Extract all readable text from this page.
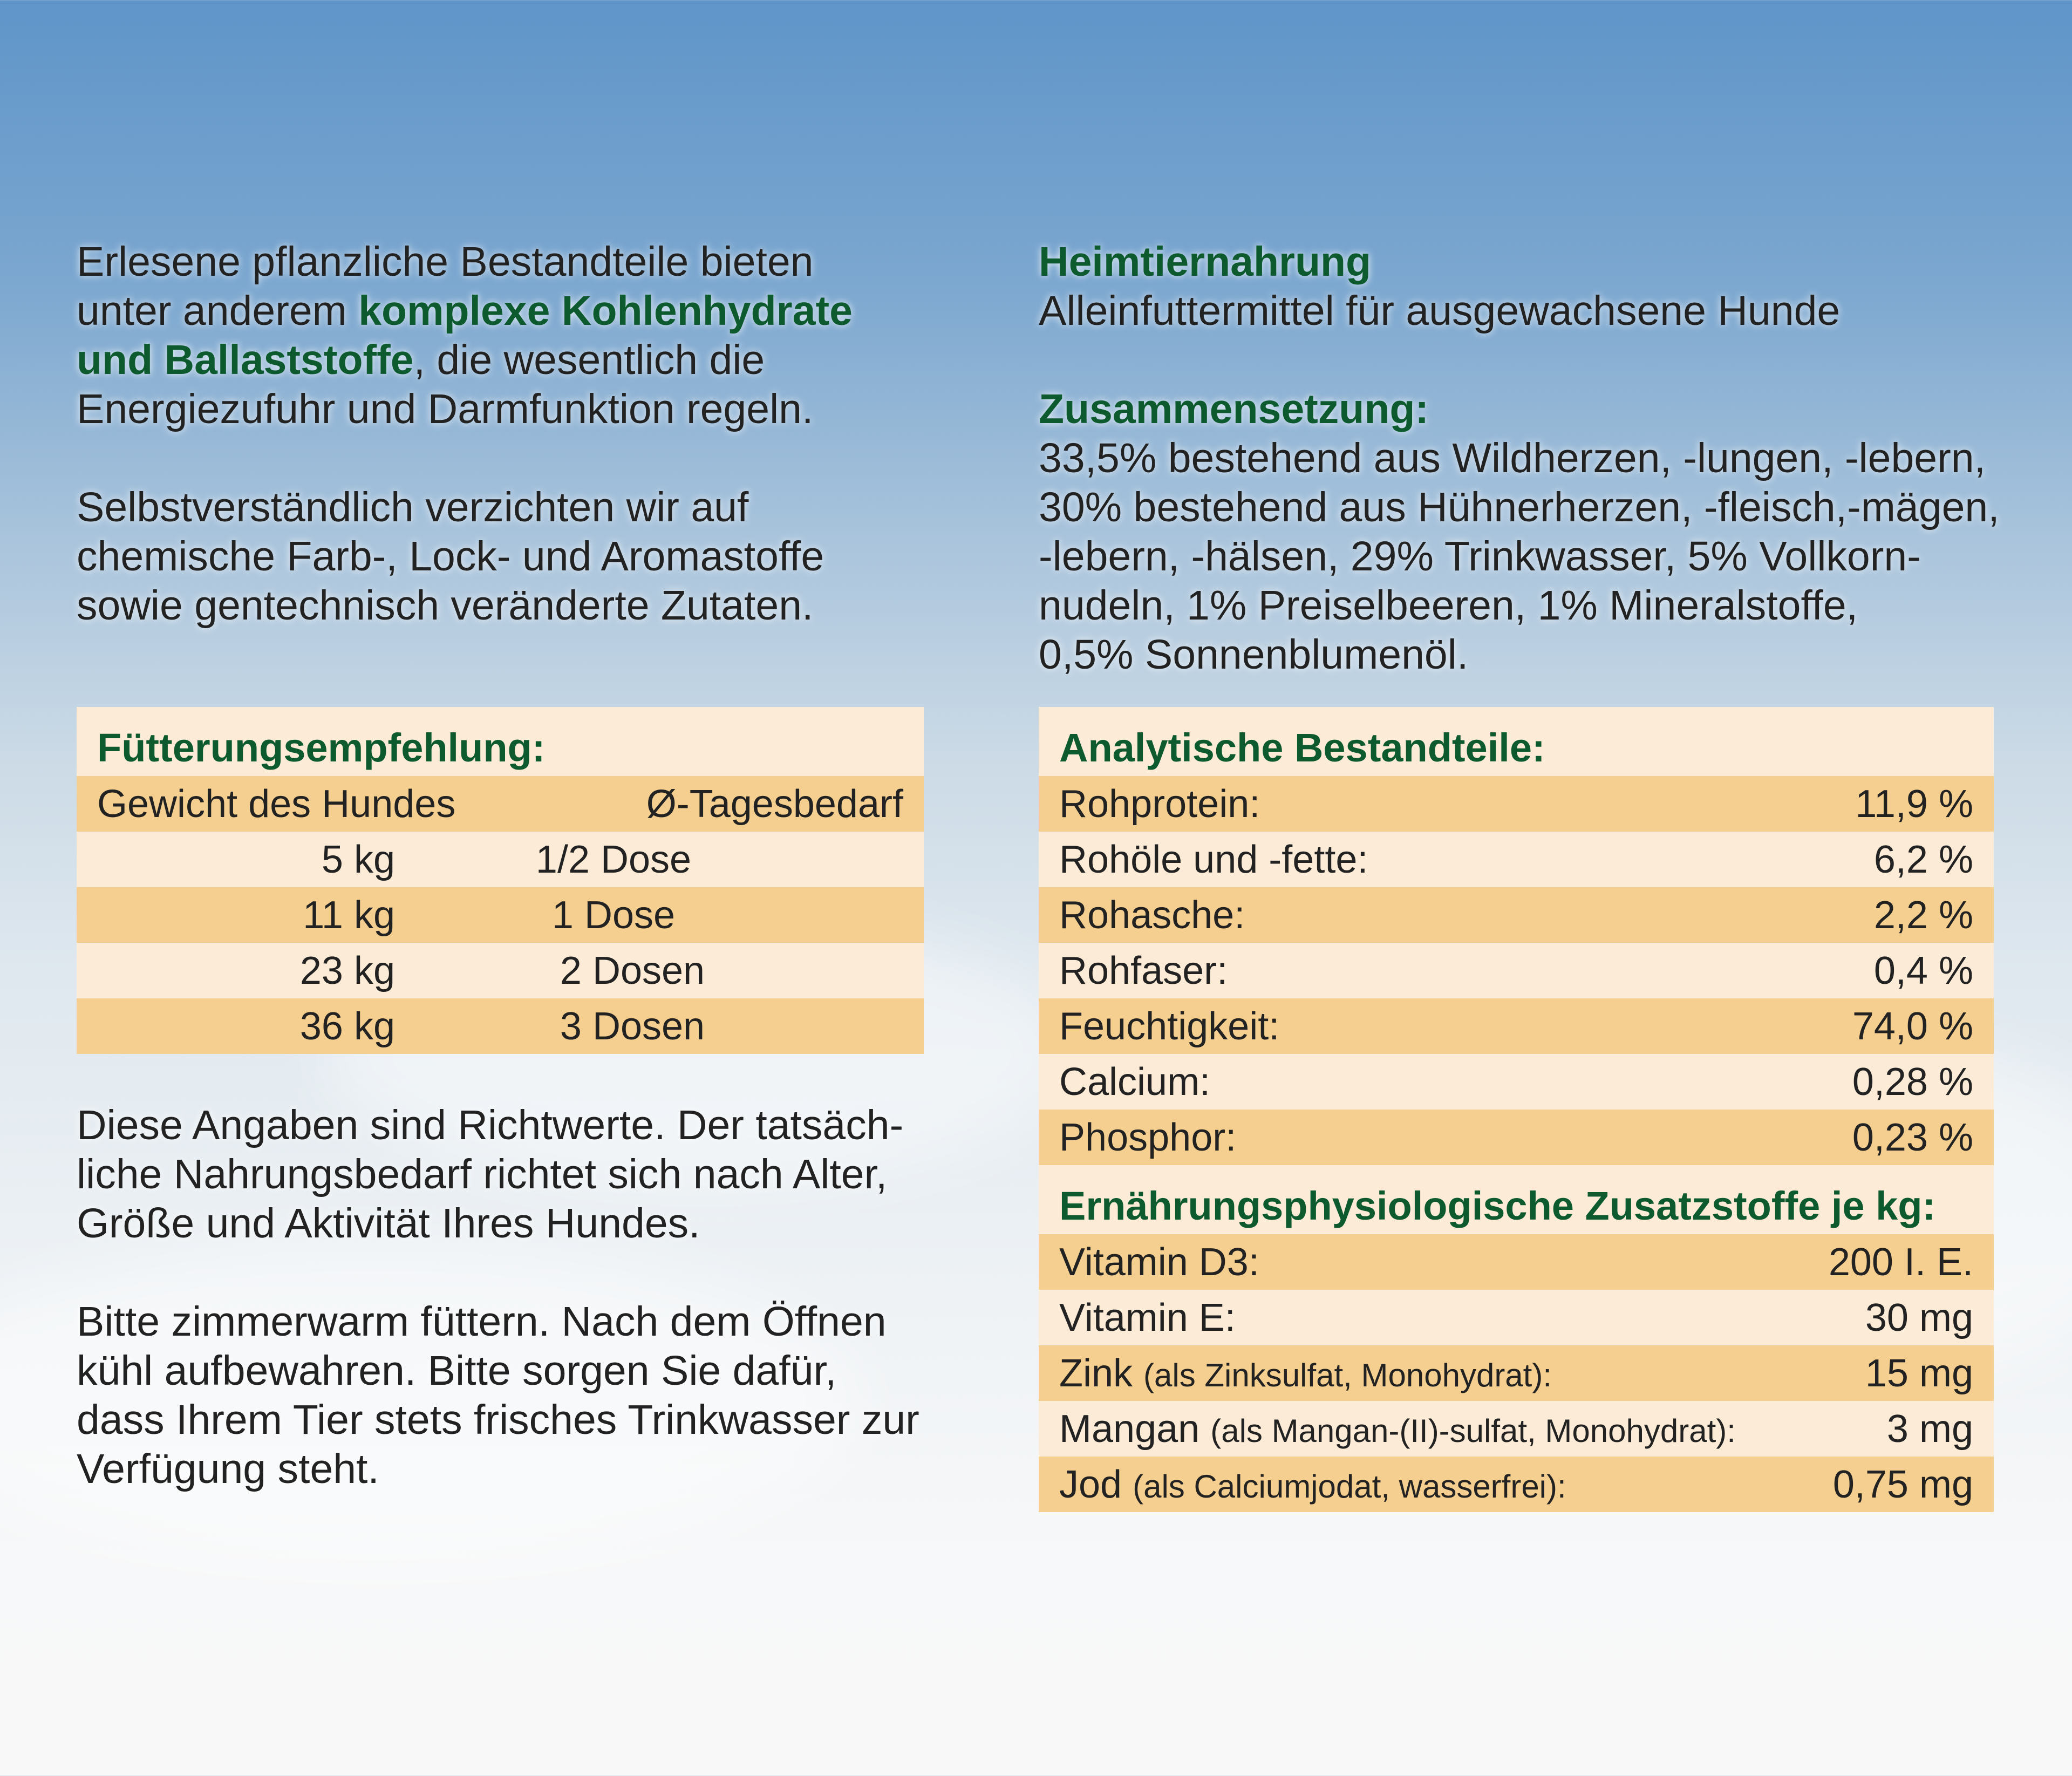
Erlesene pflanzliche Bestandteile bieten
unter anderem komplexe Kohlenhydrate
und Ballaststoffe, die wesentlich die
Energiezufuhr und Darmfunktion regeln.

Selbstverständlich verzichten wir auf
chemische Farb-, Lock- und Aromastoffe
sowie gentechnisch veränderte Zutaten.

Heimtiernahrung

Alleinfuttermittel für ausgewachsene Hunde

Zusammensetzung:

33,5% bestehend aus Wildherzen, -lungen, -lebern,
30% bestehend aus Hühnerherzen, -fleisch,-mägen,
-lebern, -hälsen, 29% Trinkwasser, 5% Vollkorn-
nudeln, 1% Preiselbeeren, 1% Mineralstoffe,
0,5% Sonnenblumenöl.

Fütterungsempfehlung:
Gewicht des Hundes	Ø-Tagesbedarf
5 kg	1/2 Dose
11 kg	1 Dose
23 kg	2 Dosen
36 kg	3 Dosen

Diese Angaben sind Richtwerte. Der tatsäch-
liche Nahrungsbedarf richtet sich nach Alter,
Größe und Aktivität Ihres Hundes.

Bitte zimmerwarm füttern. Nach dem Öffnen
kühl aufbewahren. Bitte sorgen Sie dafür,
dass Ihrem Tier stets frisches Trinkwasser zur
Verfügung steht.

Analytische Bestandteile:	
Rohprotein:	11,9 %
Rohöle und -fette:	6,2 %
Rohasche:	2,2 %
Rohfaser:	0,4 %
Feuchtigkeit:	74,0 %
Calcium:	0,28 %
Phosphor:	0,23 %
Ernährungsphysiologische Zusatzstoffe je kg:	
Vitamin D3:	200 I. E.
Vitamin E:	30 mg
Zink (als Zinksulfat, Monohydrat):	15 mg
Mangan (als Mangan-(II)-sulfat, Monohydrat):	3 mg
Jod (als Calciumjodat, wasserfrei):	0,75 mg
